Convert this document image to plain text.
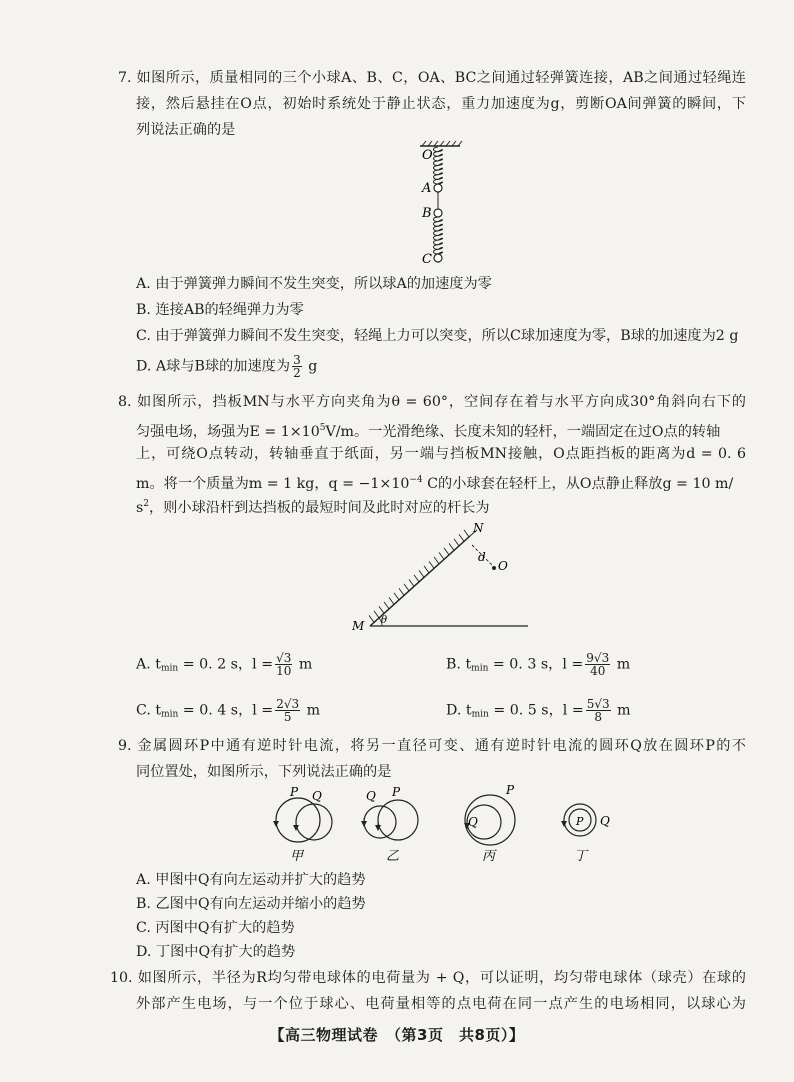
7. 如图所示，质量相同的三个小球A、B、C，OA、BC之间通过轻弹簧连接，AB之间通过轻绳连
接，然后悬挂在O点，初始时系统处于静止状态，重力加速度为g，剪断OA间弹簧的瞬间，下
列说法正确的是
O
A
B
C
A. 由于弹簧弹力瞬间不发生突变，所以球A的加速度为零
B. 连接AB的轻绳弹力为零
C. 由于弹簧弹力瞬间不发生突变，轻绳上力可以突变，所以C球加速度为零，B球的加速度为2 g
D. A球与B球的加速度为 $\frac{3}{2}$ g
8. 如图所示，挡板MN与水平方向夹角为θ = 60°，空间存在着与水平方向成30°角斜向右下的
匀强电场，场强为$E = 1\times 10^5V/m$。一光滑绝缘、长度未知的轻杆，一端固定在过O点的转轴
上，可绕O点转动，转轴垂直于纸面，另一端与挡板MN接触，O点距挡板的距离为d = 0. 6
m。将一个质量为m = 1 kg，$q = -1\times 10^{-4}$ C的小球套在轻杆上，从O点静止释放g = 10 m/
$s^2$，则小球沿杆到达挡板的最短时间及此时对应的杆长为
N
d
O
M θ
A. $t_{min} = 0$. 2 s，$l = \frac{√3}{10}$ m	B. $t_{min} = 0$. 3 s，$l = \frac{9√3}{40}$ m
C. $t_{min} = 0$. 4 s，$l = \frac{2√3}{5}$ m	D. $t_{min} = 0$. 5 s，$l = \frac{5√3}{8}$ m
9. 金属圆环P中通有逆时针电流，将另一直径可变、通有逆时针电流的圆环Q放在圆环P的不
同位置处，如图所示，下列说法正确的是
P Q
甲
Q P
乙
P
Q
丙
P Q
丁
A. 甲图中Q有向左运动并扩大的趋势
B. 乙图中Q有向左运动并缩小的趋势
C. 丙图中Q有扩大的趋势
D. 丁图中Q有扩大的趋势
10. 如图所示，半径为R均匀带电球体的电荷量为 + Q，可以证明，均匀带电球体（球壳）在球的
外部产生电场，与一个位于球心、电荷量相等的点电荷在同一点产生的电场相同，以球心为
【高三物理试卷　（第3页　共8页）】
